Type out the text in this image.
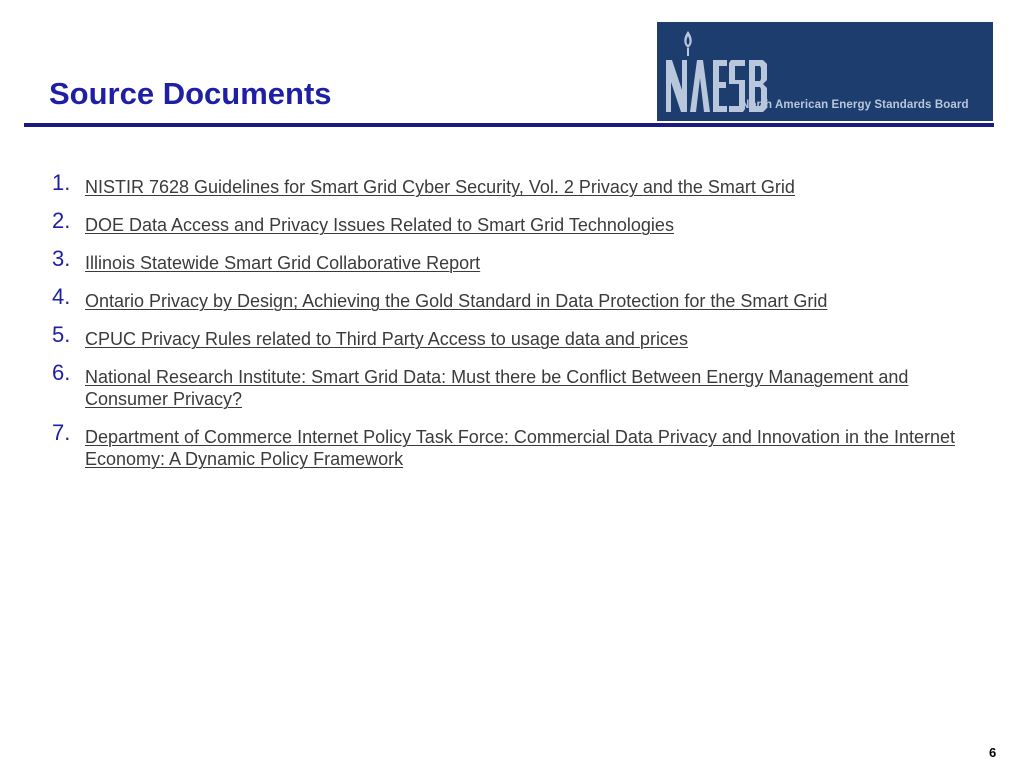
Source Documents	North American Energy Standards Board
1. NISTIR 7628 Guidelines for Smart Grid Cyber Security, Vol. 2 Privacy and the Smart Grid
2. DOE Data Access and Privacy Issues Related to Smart Grid Technologies
3. Illinois Statewide Smart Grid Collaborative Report
4. Ontario Privacy by Design; Achieving the Gold Standard in Data Protection for the Smart Grid
5. CPUC Privacy Rules related to Third Party Access to usage data and prices
6. National Research Institute: Smart Grid Data: Must there be Conflict Between Energy Management and Consumer Privacy?
7. Department of Commerce Internet Policy Task Force: Commercial Data Privacy and Innovation in the Internet Economy: A Dynamic Policy Framework
6
